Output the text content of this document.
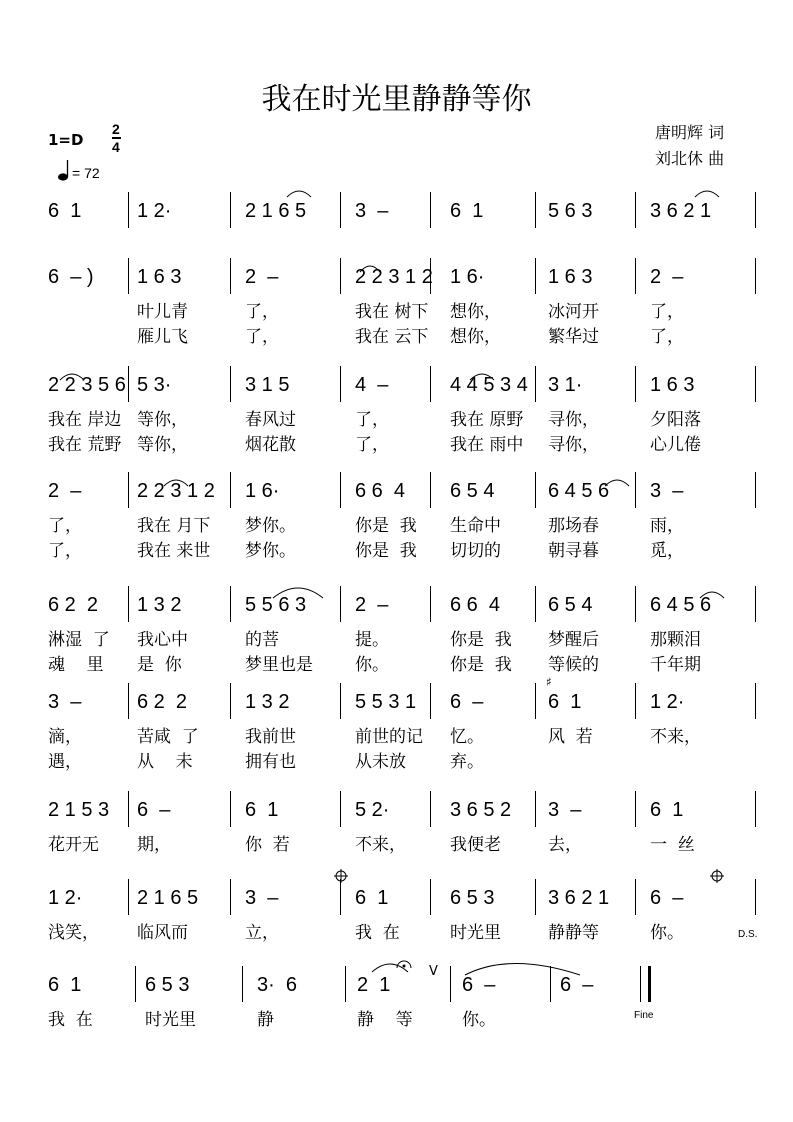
我在时光里静静等你
1=D
2
4
= 72
唐明辉 词
刘北休 曲
6  1	1 2·	2 1 6 5 3  –	6  1	5 6 3	3 6 2 1
6  – ) 1 6 3	2  –	2 2 3 1 2 1 6·	1 6 3	2  –
叶儿青	了，	我在 树下 想你，	冰河开	了，
雁儿飞	了，	我在 云下 想你，	繁华过	了，
2 2 3 5 6 5 3·	3 1 5	4  –	4 4 5 3 4 3 1·	1 6 3
我在 岸边 等你，	春风过	了，	我在 原野 寻你，	夕阳落
我在 荒野 等你，	烟花散	了，	我在 雨中 寻你，	心儿倦
2  –	2 2 3 1 2 1 6·	6 6  4 6 5 4	6 4 5 6 3  –
了，	我在 月下 梦你。	你是  我 生命中	那场春	雨，
了，	我在 来世 梦你。	你是  我 切切的	朝寻暮	觅，
6 2  2 1 3 2	5 5 6 3 2  –	6 6  4 6 5 4	6 4 5 6
淋湿  了 我心中	的菩	提。	你是  我 梦醒后	那颗泪
魂    里 是  你	梦里也是 你。	你是  我 等候的	千年期
3  –	6 2  2	1 3 2	5 5 3 1 6  –	6  1	1 2·
滴，	苦咸  了	我前世	前世的记 忆。	风  若	不来，
遇，	从    未	拥有也	从未放	弃。
2 1 5 3 6  –	6  1	5 2·	3 6 5 2 3  –	6  1
花开无 期，	你  若	不来，	我便老	去，	一  丝
1 2·	2 1 6 5 3  –	6  1	6 5 3	3 6 2 1 6  –
浅笑， 临风而	立，	我  在	时光里	静静等	你。	D.S.
6  1	6 5 3	3·  6	2  1	6  –	6  –
我  在	时光里	静	静    等	你。	Fine
♯
V
